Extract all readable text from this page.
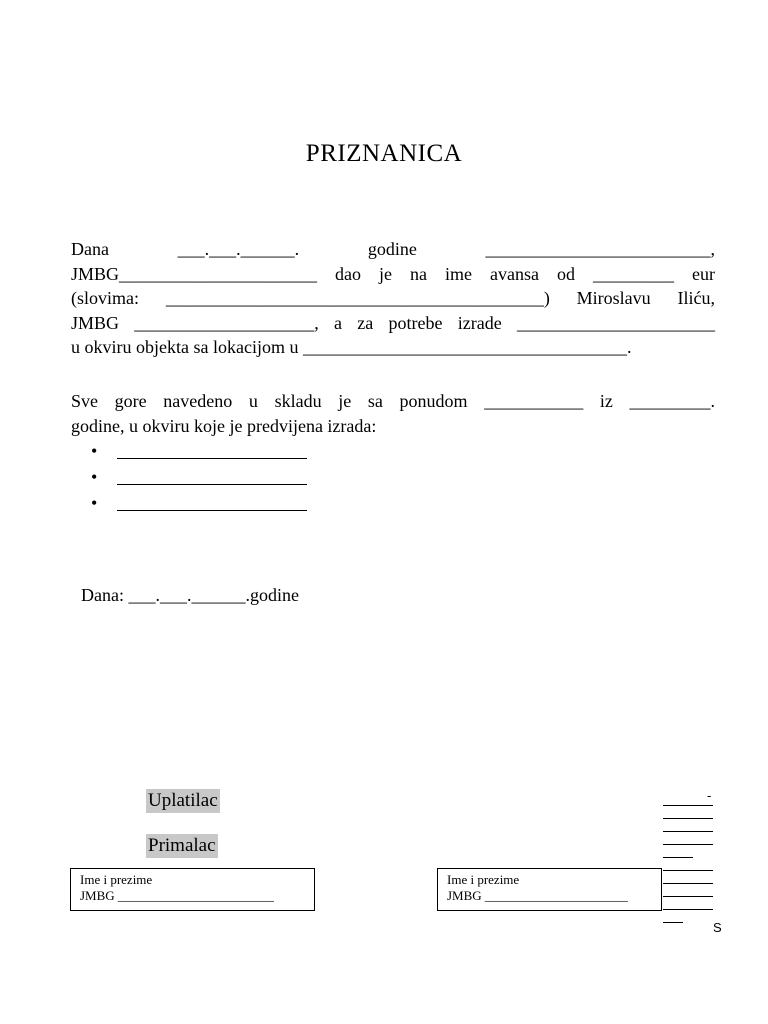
PRIZNANICA
Dana ___.___.______. godine _________________________,
JMBG______________________ dao je na ime avansa od _________ eur
(slovima: __________________________________________) Miroslavu Iliću,
JMBG ____________________, a za potrebe izrade ______________________
u okviru objekta sa lokacijom u ____________________________________.
Sve gore navedeno u skladu je sa ponudom ___________ iz _________.
godine, u okviru koje je predvijena izrada:
•
•
•
Dana: ___.___.______.godine
Uplatilac
Primalac
Ime i prezime
JMBG ________________________
Ime i prezime
JMBG ______________________
-
S
